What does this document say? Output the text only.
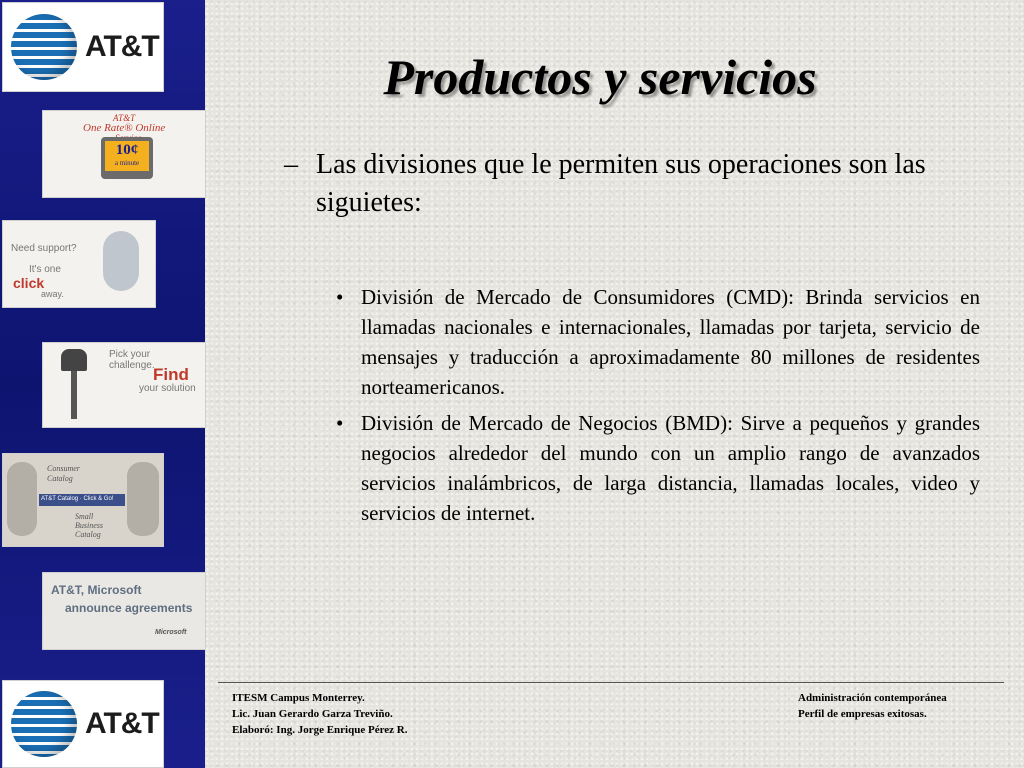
AT&T
AT&T
One Rate® Online
10¢
a minute
Need support?
It's one
click
away.
Pick your
challenge.
Find
your solution
Consumer
Catalog
AT&T Catalog · Click & Go!
Small
Business
Catalog
AT&T, Microsoft
announce agreements
Microsoft
AT&T
Productos y servicios
– Las divisiones que le permiten sus operaciones son las siguietes:
• División de Mercado de Consumidores (CMD): Brinda servicios en llamadas nacionales e internacionales, llamadas por tarjeta, servicio de mensajes y traducción a aproximadamente 80 millones de residentes norteamericanos.
• División de Mercado de Negocios (BMD): Sirve a pequeños y grandes negocios alrededor del mundo con un amplio rango de avanzados servicios inalámbricos, de larga distancia, llamadas locales, video y servicios de internet.
ITESM Campus Monterrey.
Lic. Juan Gerardo Garza Treviño.
Elaboró: Ing. Jorge Enrique Pérez R.
Administración contemporánea
Perfil de empresas exitosas.
